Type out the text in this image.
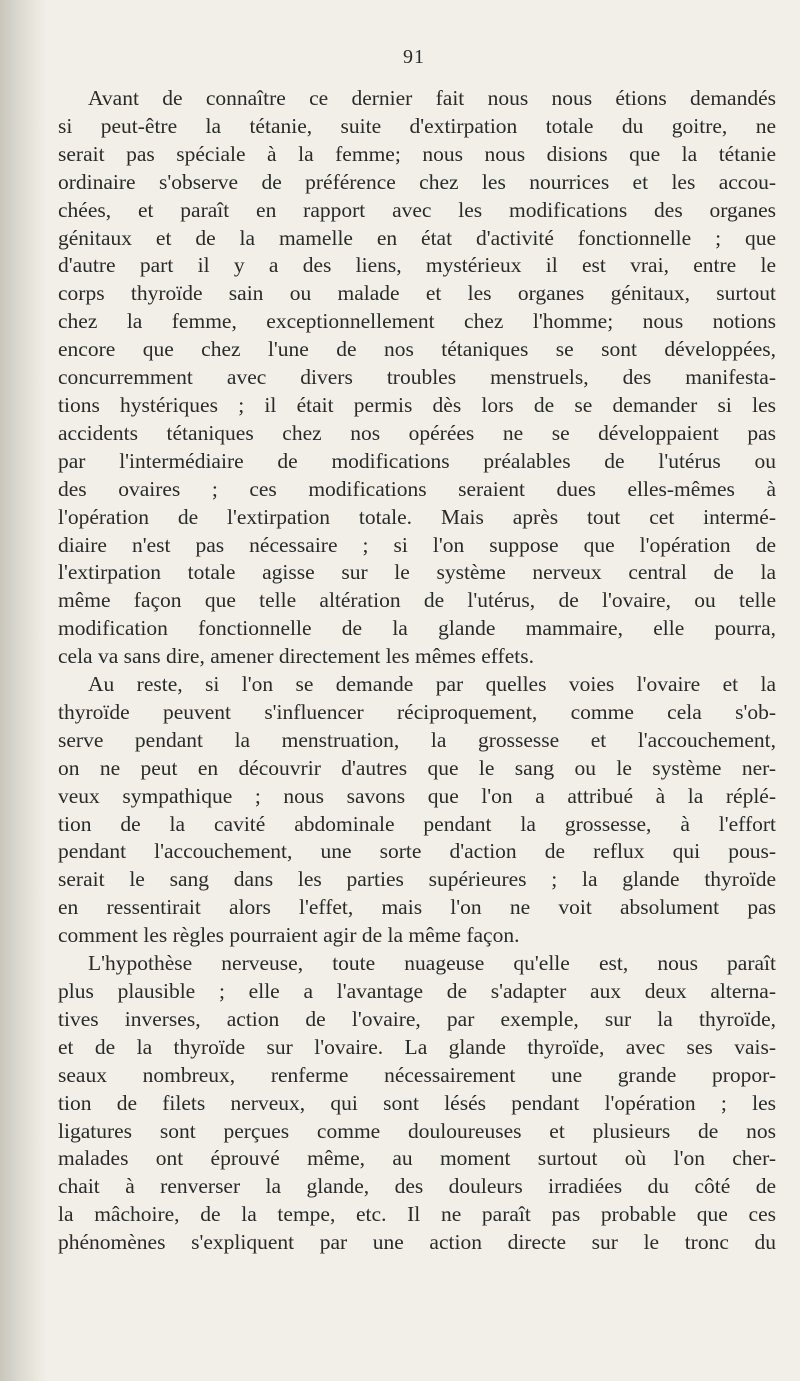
91
Avant de connaître ce dernier fait nous nous étions demandés
si peut-être la tétanie, suite d'extirpation totale du goitre, ne
serait pas spéciale à la femme; nous nous disions que la tétanie
ordinaire s'observe de préférence chez les nourrices et les accou-
chées, et paraît en rapport avec les modifications des organes
génitaux et de la mamelle en état d'activité fonctionnelle ; que
d'autre part il y a des liens, mystérieux il est vrai, entre le
corps thyroïde sain ou malade et les organes génitaux, surtout
chez la femme, exceptionnellement chez l'homme; nous notions
encore que chez l'une de nos tétaniques se sont développées,
concurremment avec divers troubles menstruels, des manifesta-
tions hystériques ; il était permis dès lors de se demander si les
accidents tétaniques chez nos opérées ne se développaient pas
par l'intermédiaire de modifications préalables de l'utérus ou
des ovaires ; ces modifications seraient dues elles-mêmes à
l'opération de l'extirpation totale. Mais après tout cet intermé-
diaire n'est pas nécessaire ; si l'on suppose que l'opération de
l'extirpation totale agisse sur le système nerveux central de la
même façon que telle altération de l'utérus, de l'ovaire, ou telle
modification fonctionnelle de la glande mammaire, elle pourra,
cela va sans dire, amener directement les mêmes effets.
Au reste, si l'on se demande par quelles voies l'ovaire et la
thyroïde peuvent s'influencer réciproquement, comme cela s'ob-
serve pendant la menstruation, la grossesse et l'accouchement,
on ne peut en découvrir d'autres que le sang ou le système ner-
veux sympathique ; nous savons que l'on a attribué à la réplé-
tion de la cavité abdominale pendant la grossesse, à l'effort
pendant l'accouchement, une sorte d'action de reflux qui pous-
serait le sang dans les parties supérieures ; la glande thyroïde
en ressentirait alors l'effet, mais l'on ne voit absolument pas
comment les règles pourraient agir de la même façon.
L'hypothèse nerveuse, toute nuageuse qu'elle est, nous paraît
plus plausible ; elle a l'avantage de s'adapter aux deux alterna-
tives inverses, action de l'ovaire, par exemple, sur la thyroïde,
et de la thyroïde sur l'ovaire. La glande thyroïde, avec ses vais-
seaux nombreux, renferme nécessairement une grande propor-
tion de filets nerveux, qui sont lésés pendant l'opération ; les
ligatures sont perçues comme douloureuses et plusieurs de nos
malades ont éprouvé même, au moment surtout où l'on cher-
chait à renverser la glande, des douleurs irradiées du côté de
la mâchoire, de la tempe, etc. Il ne paraît pas probable que ces
phénomènes s'expliquent par une action directe sur le tronc du
